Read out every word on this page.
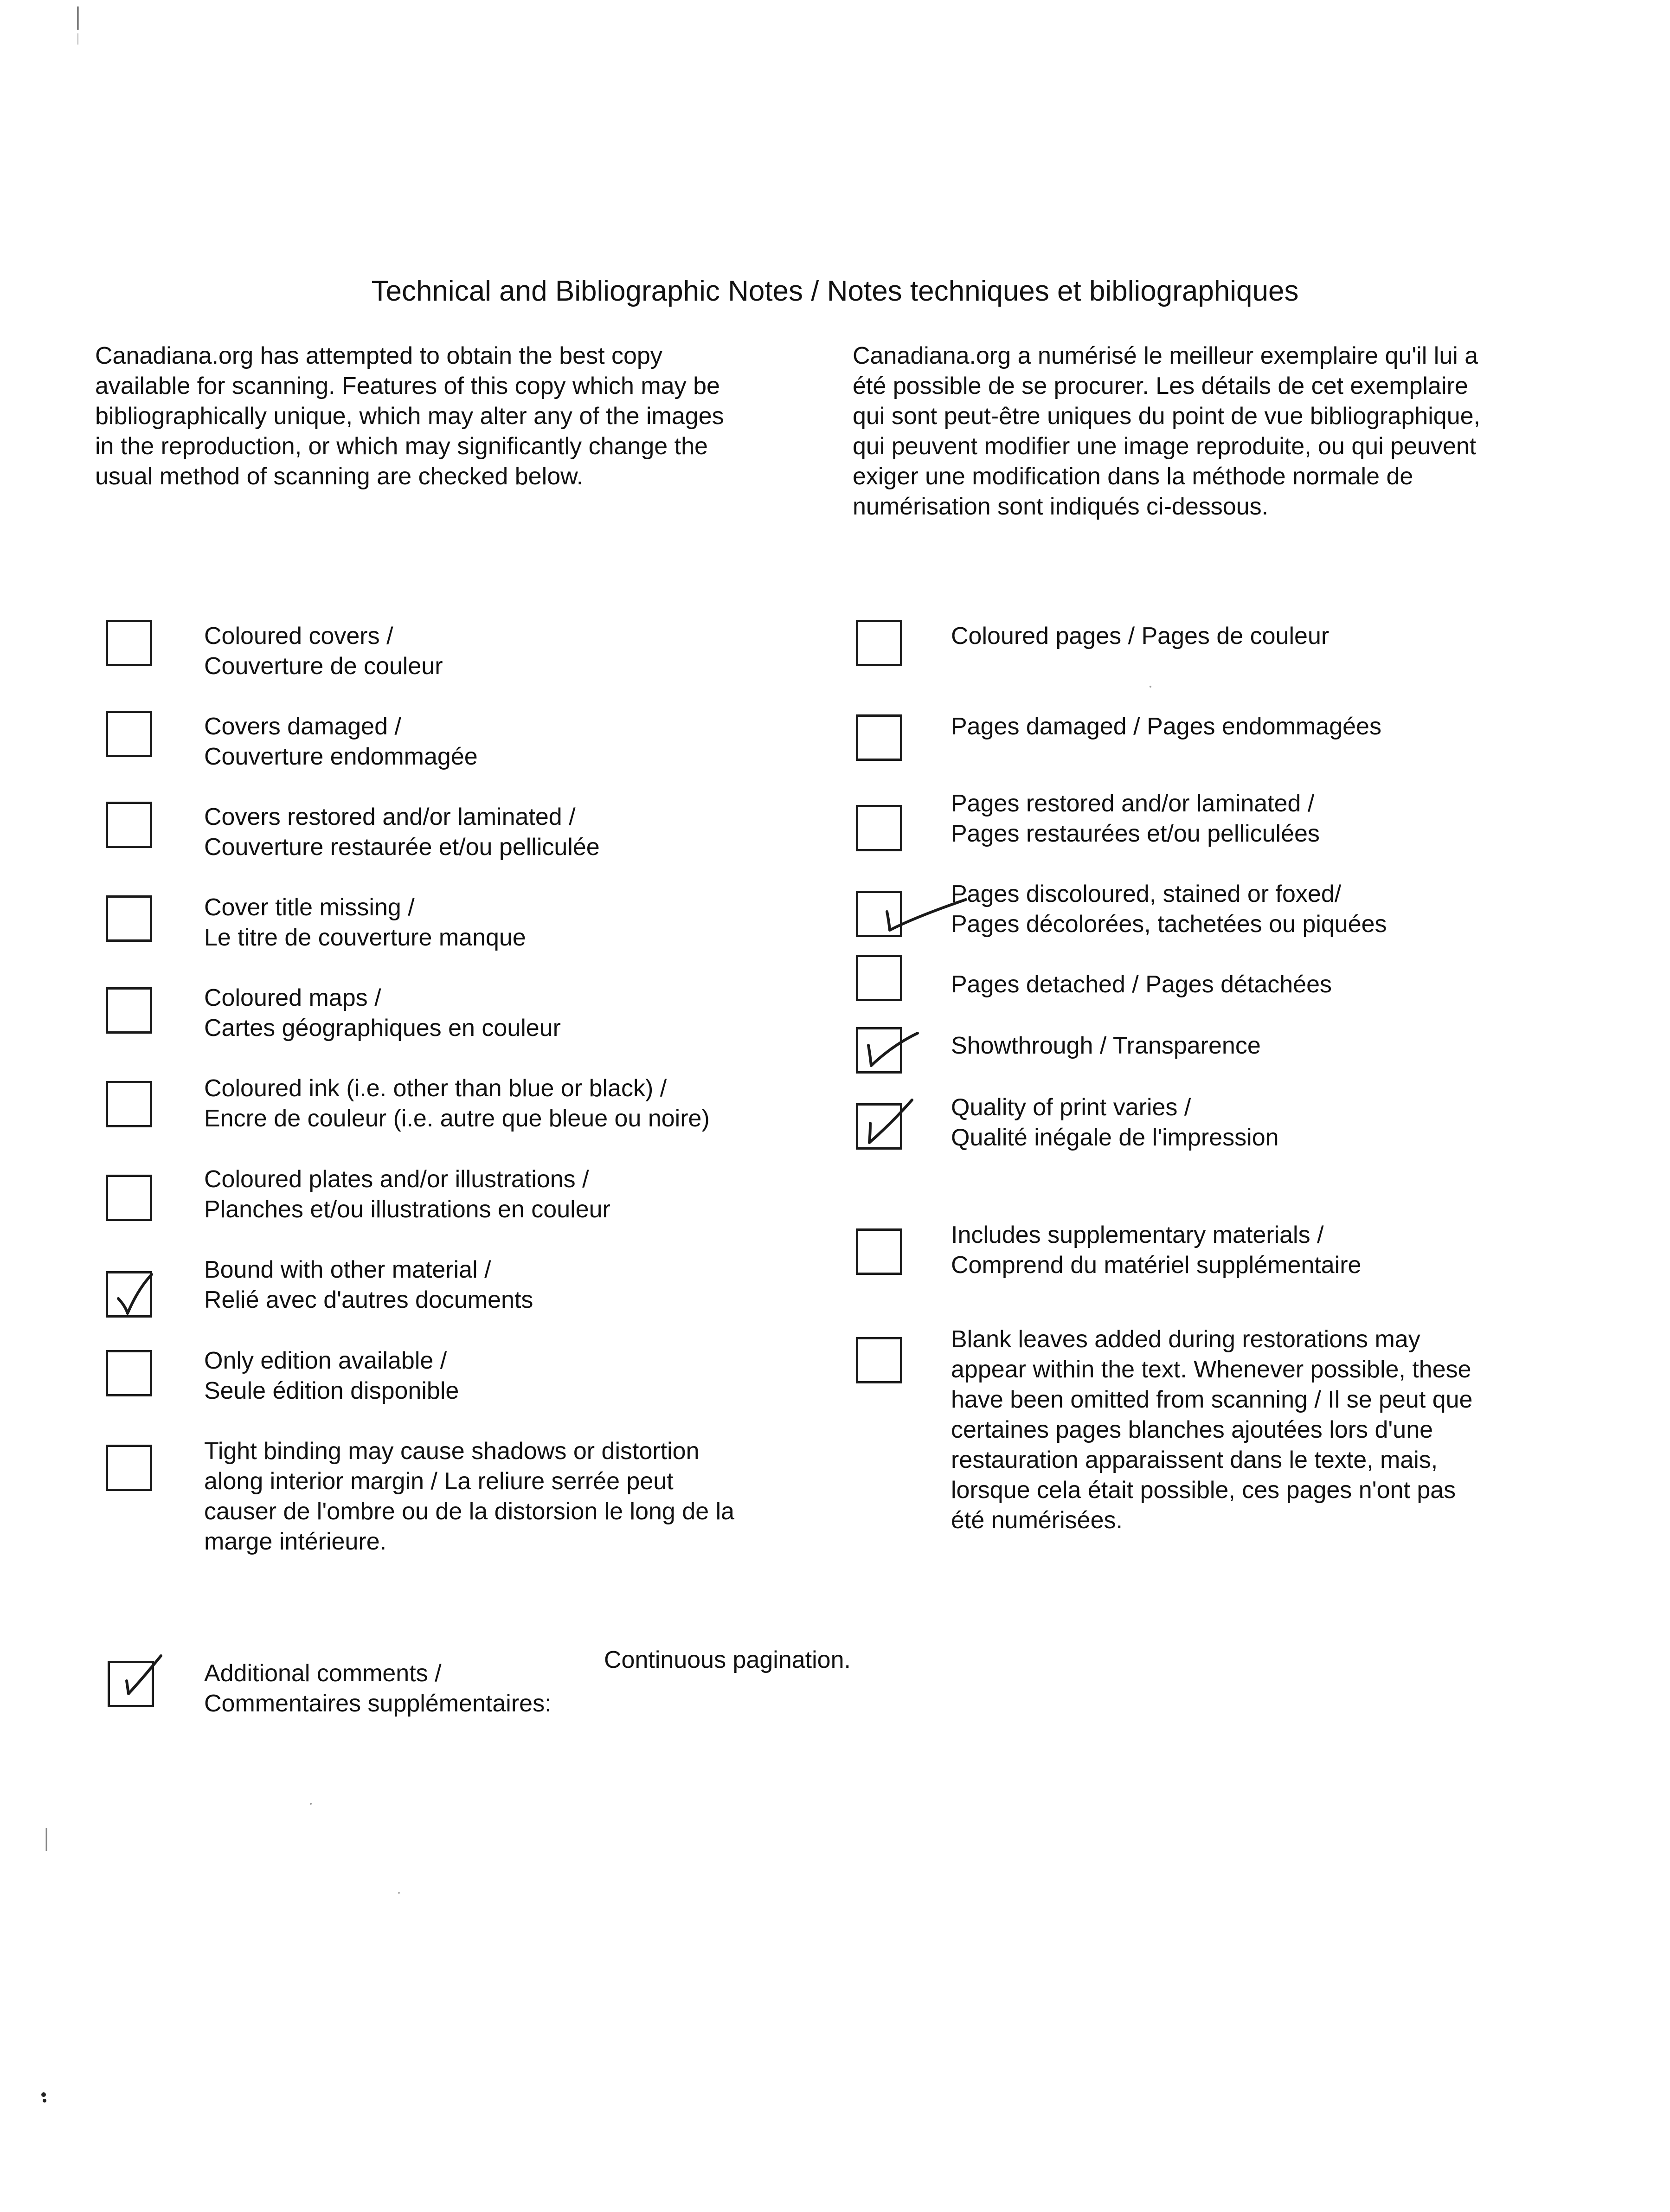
Technical and Bibliographic Notes / Notes techniques et bibliographiques

Canadiana.org has attempted to obtain the best copy
available for scanning. Features of this copy which may be
bibliographically unique, which may alter any of the images
in the reproduction, or which may significantly change the
usual method of scanning are checked below.

Canadiana.org a numérisé le meilleur exemplaire qu'il lui a
été possible de se procurer. Les détails de cet exemplaire
qui sont peut-être uniques du point de vue bibliographique,
qui peuvent modifier une image reproduite, ou qui peuvent
exiger une modification dans la méthode normale de
numérisation sont indiqués ci-dessous.

Coloured covers /
Couverture de couleur

Covers damaged /
Couverture endommagée

Covers restored and/or laminated /
Couverture restaurée et/ou pelliculée

Cover title missing /
Le titre de couverture manque

Coloured maps /
Cartes géographiques en couleur

Coloured ink (i.e. other than blue or black) /
Encre de couleur (i.e. autre que bleue ou noire)

Coloured plates and/or illustrations /
Planches et/ou illustrations en couleur

Bound with other material /
Relié avec d'autres documents

Only edition available /
Seule édition disponible

Tight binding may cause shadows or distortion
along interior margin / La reliure serrée peut
causer de l'ombre ou de la distorsion le long de la
marge intérieure.

Coloured pages / Pages de couleur

Pages damaged / Pages endommagées

Pages restored and/or laminated /
Pages restaurées et/ou pelliculées

Pages discoloured, stained or foxed/
Pages décolorées, tachetées ou piquées

Pages detached / Pages détachées

Showthrough / Transparence

Quality of print varies /
Qualité inégale de l'impression

Includes supplementary materials /
Comprend du matériel supplémentaire

Blank leaves added during restorations may
appear within the text. Whenever possible, these
have been omitted from scanning / Il se peut que
certaines pages blanches ajoutées lors d'une
restauration apparaissent dans le texte, mais,
lorsque cela était possible, ces pages n'ont pas
été numérisées.

Additional comments /
Commentaires supplémentaires:

Continuous pagination.
